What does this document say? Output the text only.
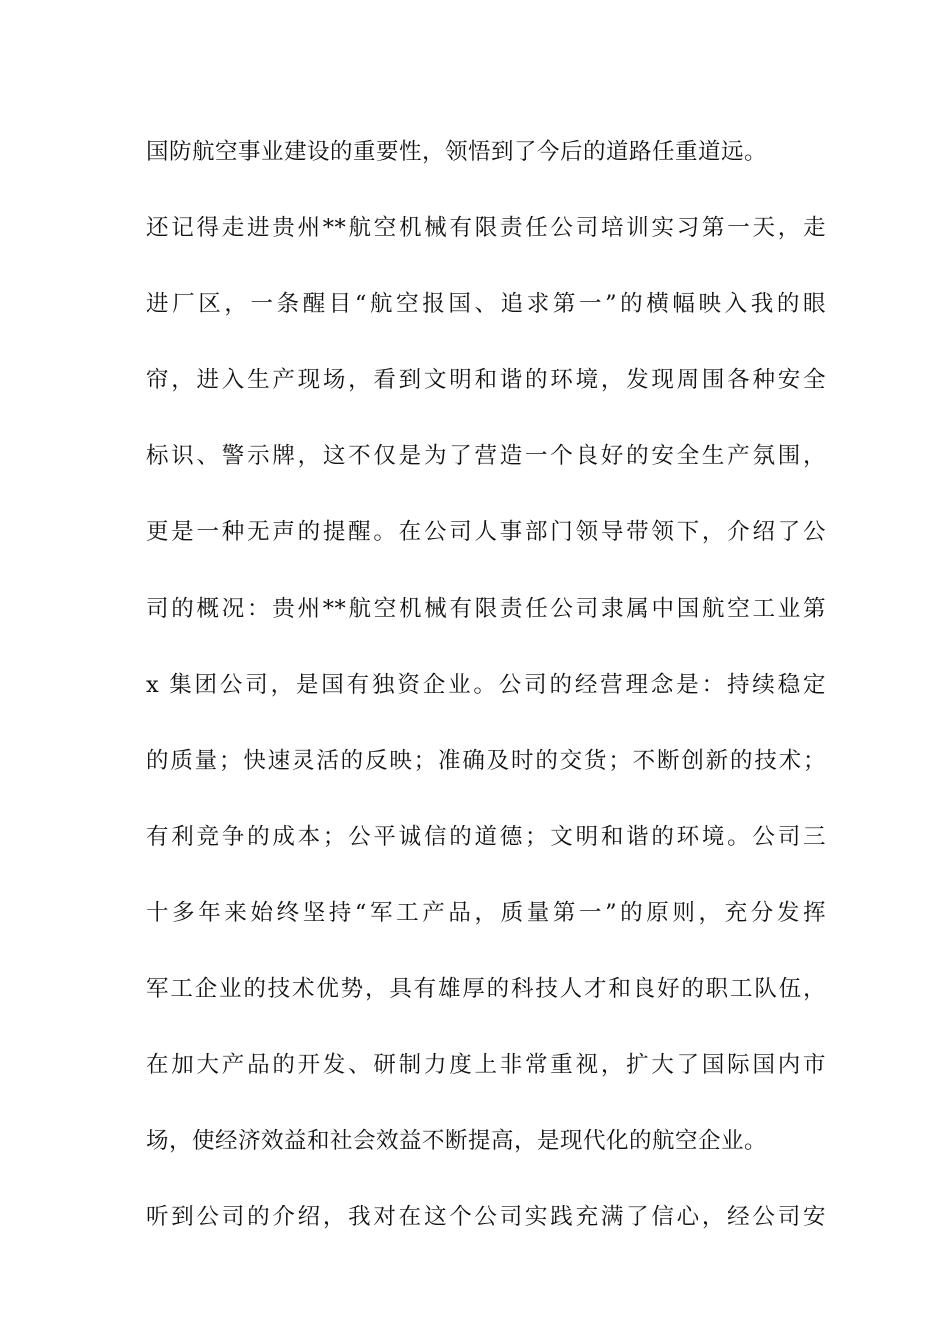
国防航空事业建设的重要性，领悟到了今后的道路任重道远。
还记得走进贵州**航空机械有限责任公司培训实习第一天，走
进厂区，一条醒目“航空报国、追求第一”的横幅映入我的眼
帘，进入生产现场，看到文明和谐的环境，发现周围各种安全
标识、警示牌，这不仅是为了营造一个良好的安全生产氛围，
更是一种无声的提醒。在公司人事部门领导带领下，介绍了公
司的概况：贵州**航空机械有限责任公司隶属中国航空工业第
x 集团公司，是国有独资企业。公司的经营理念是：持续稳定
的质量；快速灵活的反映；准确及时的交货；不断创新的技术；
有利竞争的成本；公平诚信的道德；文明和谐的环境。公司三
十多年来始终坚持“军工产品，质量第一”的原则，充分发挥
军工企业的技术优势，具有雄厚的科技人才和良好的职工队伍，
在加大产品的开发、研制力度上非常重视，扩大了国际国内市
场，使经济效益和社会效益不断提高，是现代化的航空企业。
听到公司的介绍，我对在这个公司实践充满了信心，经公司安
